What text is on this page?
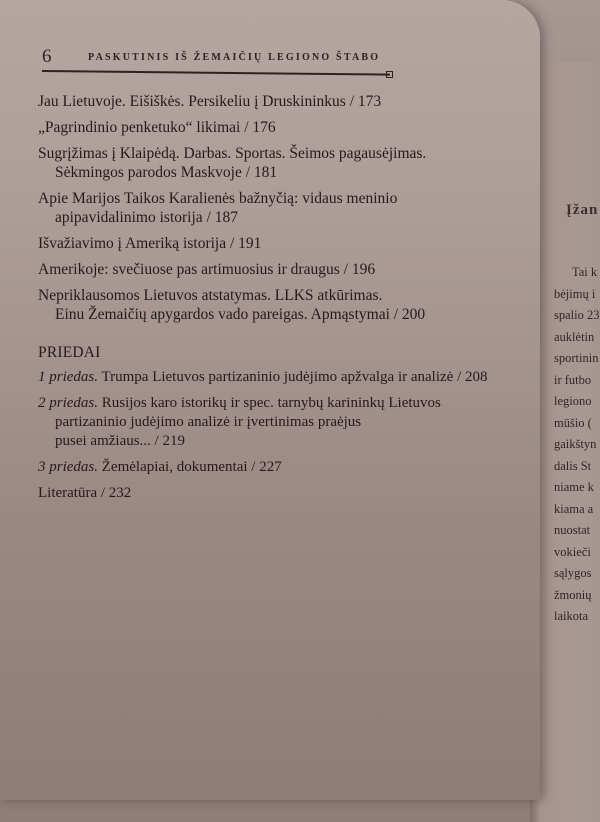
Įžan
Tai k
bėjimų i
spalio 23
auklėtin
sportinin
ir futbo
legiono
mūšio (
gaikštyn
dalis St
niame k
kiama a
nuostat
vokieči
sąlygos
žmonių
laikota
6	PASKUTINIS IŠ ŽEMAIČIŲ LEGIONO ŠTABO
Jau Lietuvoje. Eišiškės. Persikeliu į Druskininkus / 173
„Pagrindinio penketuko“ likimai / 176
Sugrįžimas į Klaipėdą. Darbas. Sportas. Šeimos pagausėjimas.
Sėkmingos parodos Maskvoje / 181
Apie Marijos Taikos Karalienės bažnyčią: vidaus meninio
apipavidalinimo istorija / 187
Išvažiavimo į Ameriką istorija / 191
Amerikoje: svečiuose pas artimuosius ir draugus / 196
Nepriklausomos Lietuvos atstatymas. LLKS atkūrimas.
Einu Žemaičių apygardos vado pareigas. Apmąstymai / 200
PRIEDAI
1 priedas. Trumpa Lietuvos partizaninio judėjimo apžvalga ir analizė / 208
2 priedas. Rusijos karo istorikų ir spec. tarnybų karininkų Lietuvos
partizaninio judėjimo analizė ir įvertinimas praėjus
pusei amžiaus... / 219
3 priedas. Žemėlapiai, dokumentai / 227
Literatūra / 232
